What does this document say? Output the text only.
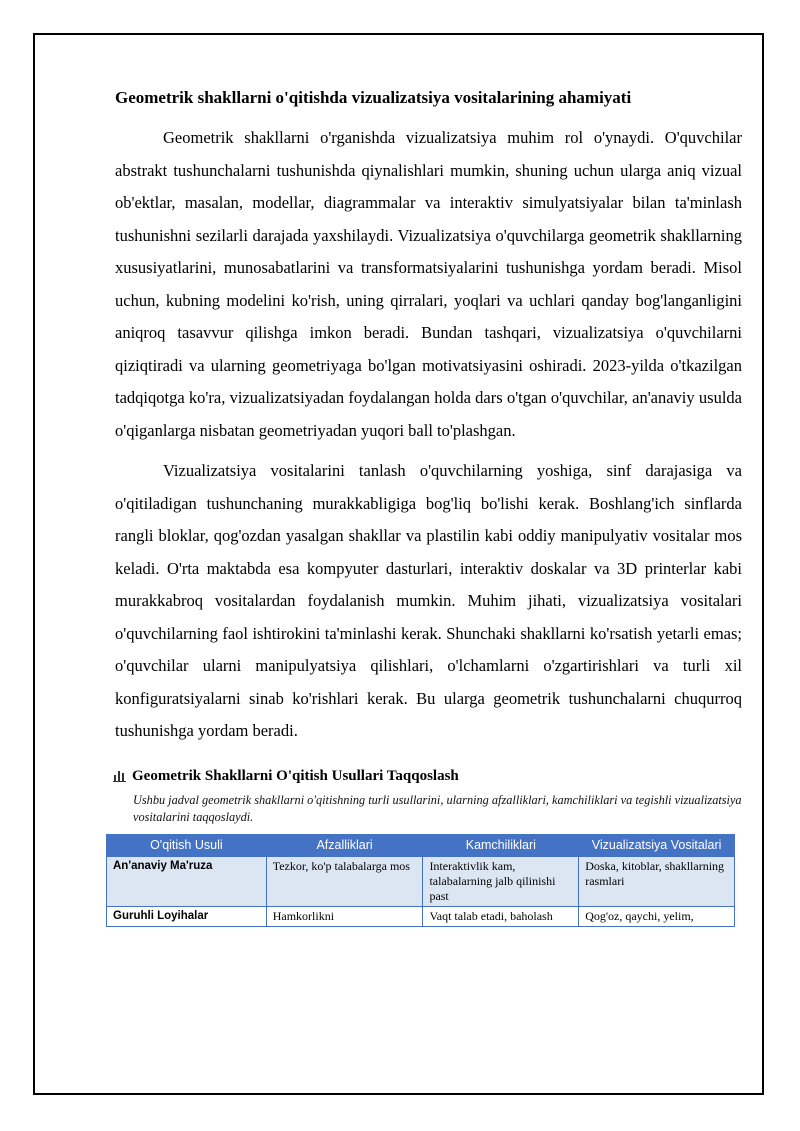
Geometrik shakllarni o'qitishda vizualizatsiya vositalarining ahamiyati

Geometrik shakllarni o'rganishda vizualizatsiya muhim rol o'ynaydi. O'quvchilar abstrakt tushunchalarni tushunishda qiynalishlari mumkin, shuning uchun ularga aniq vizual ob'ektlar, masalan, modellar, diagrammalar va interaktiv simulyatsiyalar bilan ta'minlash tushunishni sezilarli darajada yaxshilaydi. Vizualizatsiya o'quvchilarga geometrik shakllarning xususiyatlarini, munosabatlarini va transformatsiyalarini tushunishga yordam beradi. Misol uchun, kubning modelini ko'rish, uning qirralari, yoqlari va uchlari qanday bog'langanligini aniqroq tasavvur qilishga imkon beradi. Bundan tashqari, vizualizatsiya o'quvchilarni qiziqtiradi va ularning geometriyaga bo'lgan motivatsiyasini oshiradi. 2023-yilda o'tkazilgan tadqiqotga ko'ra, vizualizatsiyadan foydalangan holda dars o'tgan o'quvchilar, an'anaviy usulda o'qiganlarga nisbatan geometriyadan yuqori ball to'plashgan.

Vizualizatsiya vositalarini tanlash o'quvchilarning yoshiga, sinf darajasiga va o'qitiladigan tushunchaning murakkabligiga bog'liq bo'lishi kerak. Boshlang'ich sinflarda rangli bloklar, qog'ozdan yasalgan shakllar va plastilin kabi oddiy manipulyativ vositalar mos keladi. O'rta maktabda esa kompyuter dasturlari, interaktiv doskalar va 3D printerlar kabi murakkabroq vositalardan foydalanish mumkin. Muhim jihati, vizualizatsiya vositalari o'quvchilarning faol ishtirokini ta'minlashi kerak. Shunchaki shakllarni ko'rsatish yetarli emas; o'quvchilar ularni manipulyatsiya qilishlari, o'lchamlarni o'zgartirishlari va turli xil konfiguratsiyalarni sinab ko'rishlari kerak. Bu ularga geometrik tushunchalarni chuqurroq tushunishga yordam beradi.

Geometrik Shakllarni O'qitish Usullari Taqqoslash
Ushbu jadval geometrik shakllarni o'qitishning turli usullarini, ularning afzalliklari, kamchiliklari va tegishli vizualizatsiya vositalarini taqqoslaydi.
O'qitish Usuli	Afzalliklari	Kamchiliklari	Vizualizatsiya Vositalari
An'anaviy Ma'ruza	Tezkor, ko'p talabalarga mos	Interaktivlik kam, talabalarning jalb qilinishi past	Doska, kitoblar, shakllarning rasmlari
Guruhli Loyihalar	Hamkorlikni	Vaqt talab etadi, baholash	Qog'oz, qaychi, yelim,
